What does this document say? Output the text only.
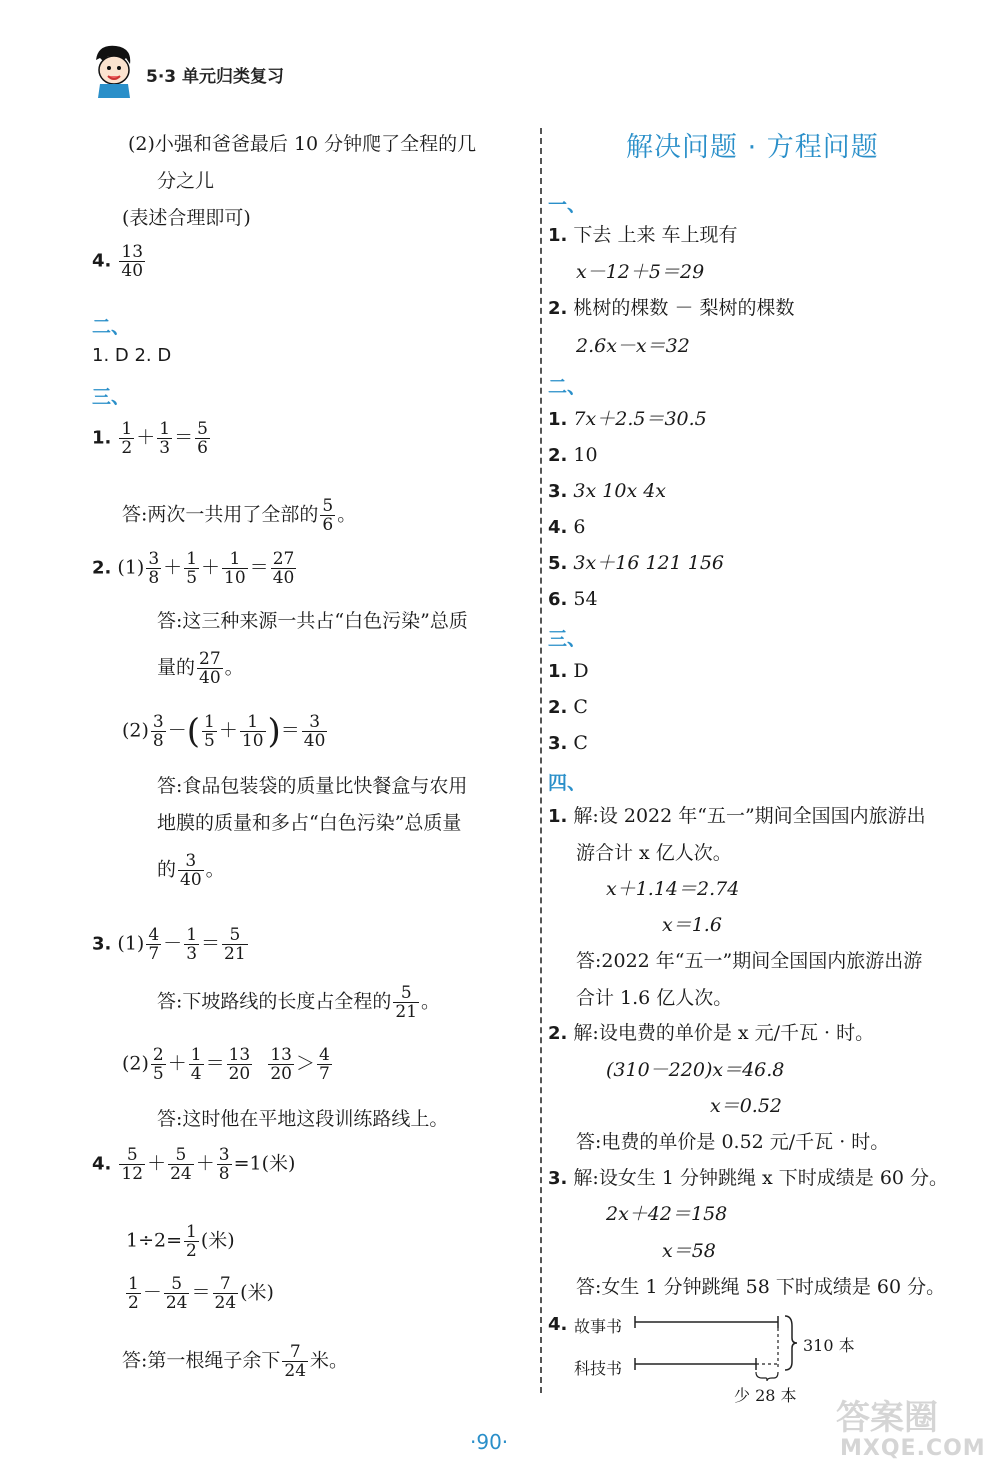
5·3 单元归类复习
(2)小强和爸爸最后 10 分钟爬了全程的几
分之儿
(表述合理即可)
4. $\frac{13}{40}$
二、
1. D 2. D
三、
1. $\frac{1}{2} + \frac{1}{3} = \frac{5}{6}$
答:两次一共用了全部的 $\frac{5}{6}$ 。
2. $(1) \frac{3}{8} + \frac{1}{5} + \frac{1}{10} = \frac{27}{40}$
答:这三种来源一共占“白色污染”总质
量的 $\frac{27}{40}$ 。
$(2) \frac{3}{8}$ －( $\frac{1}{5} + \frac{1}{10}$ )＝ $\frac{3}{40}$
答:食品包装袋的质量比快餐盒与农用
地膜的质量和多占“白色污染”总质量
的 $\frac{3}{40}$ 。
3. $(1) \frac{4}{7} - \frac{1}{3} = \frac{5}{21}$
答:下坡路线的长度占全程的 $\frac{5}{21}$ 。
$(2) \frac{2}{5} + \frac{1}{4} = \frac{13}{20}$
$\frac{13}{20} > \frac{4}{7}$
答:这时他在平地这段训练路线上。
4. $\frac{5}{12} + \frac{5}{24} + \frac{3}{8} =1$(米)
$1\div 2= \frac{1}{2}$ (米)
$\frac{1}{2} - \frac{5}{24} = \frac{7}{24}$ (米)
答:第一根绳子余下 $\frac{7}{24}$ 米。
解决问题 · 方程问题
一、
1. 下去 上来 车上现有
x－12＋5＝29
2. 桃树的棵数 － 梨树的棵数
2.6x－x＝32
二、
1. 7x＋2.5＝30.5
2. 10
3. 3x 10x 4x
4. 6
5. 3x＋16 121 156
6. 54
三、
1. D
2. C
3. C
四、
1. 解:设 2022 年“五一”期间全国国内旅游出
游合计 x 亿人次。
x＋1.14＝2.74
x＝1.6
答:2022 年“五一”期间全国国内旅游出游
合计 1.6 亿人次。
2. 解:设电费的单价是 x 元/千瓦 · 时。
(310－220)x＝46.8
x＝0.52
答:电费的单价是 0.52 元/千瓦 · 时。
3. 解:设女生 1 分钟跳绳 x 下时成绩是 60 分。
2x＋42＝158
x＝58
答:女生 1 分钟跳绳 58 下时成绩是 60 分。
4. 故事书
科技书
310 本
少 28 本
·90·
答案圈
MXQE.COM
